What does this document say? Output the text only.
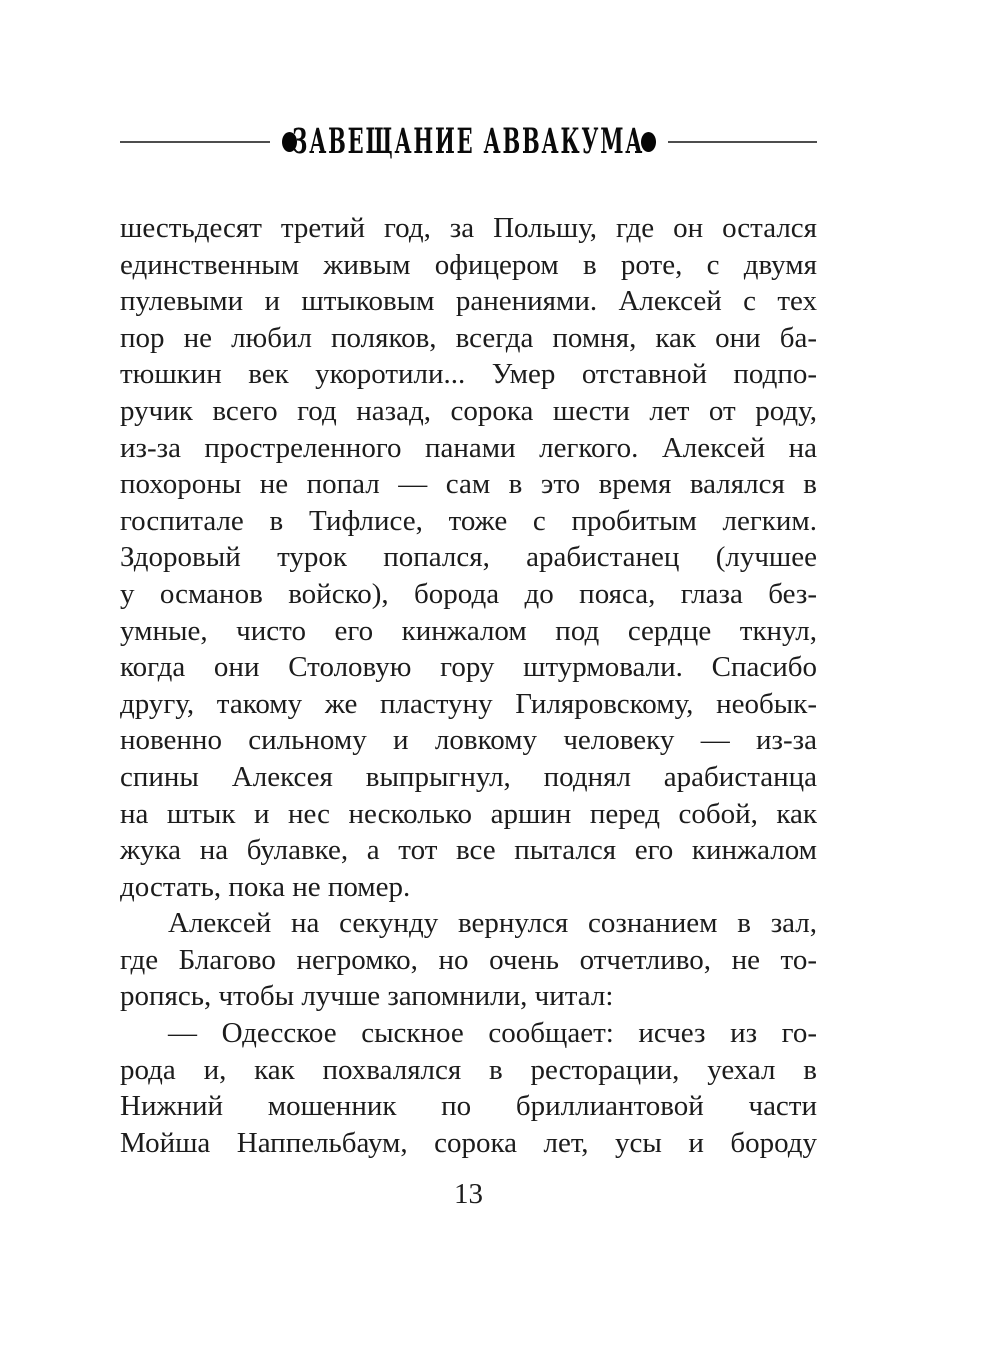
ЗАВЕЩАНИЕ АВВАКУМА
шестьдесят третий год, за Польшу, где он остался
единственным живым офицером в роте, с двумя
пулевыми и штыковым ранениями. Алексей с тех
пор не любил поляков, всегда помня, как они ба-
тюшкин век укоротили... Умер отставной подпо-
ручик всего год назад, сорока шести лет от роду,
из-за простреленного панами легкого. Алексей на
похороны не попал — сам в это время валялся в
госпитале в Тифлисе, тоже с пробитым легким.
Здоровый турок попался, арабистанец (лучшее
у османов войско), борода до пояса, глаза без-
умные, чисто его кинжалом под сердце ткнул,
когда они Столовую гору штурмовали. Спасибо
другу, такому же пластуну Гиляровскому, необык-
новенно сильному и ловкому человеку — из-за
спины Алексея выпрыгнул, поднял арабистанца
на штык и нес несколько аршин перед собой, как
жука на булавке, а тот все пытался его кинжалом
достать, пока не помер.
Алексей на секунду вернулся сознанием в зал,
где Благово негромко, но очень отчетливо, не то-
ропясь, чтобы лучше запомнили, читал:
— Одесское сыскное сообщает: исчез из го-
рода и, как похвалялся в ресторации, уехал в
Нижний мошенник по бриллиантовой части
Мойша Наппельбаум, сорока лет, усы и бороду
13
